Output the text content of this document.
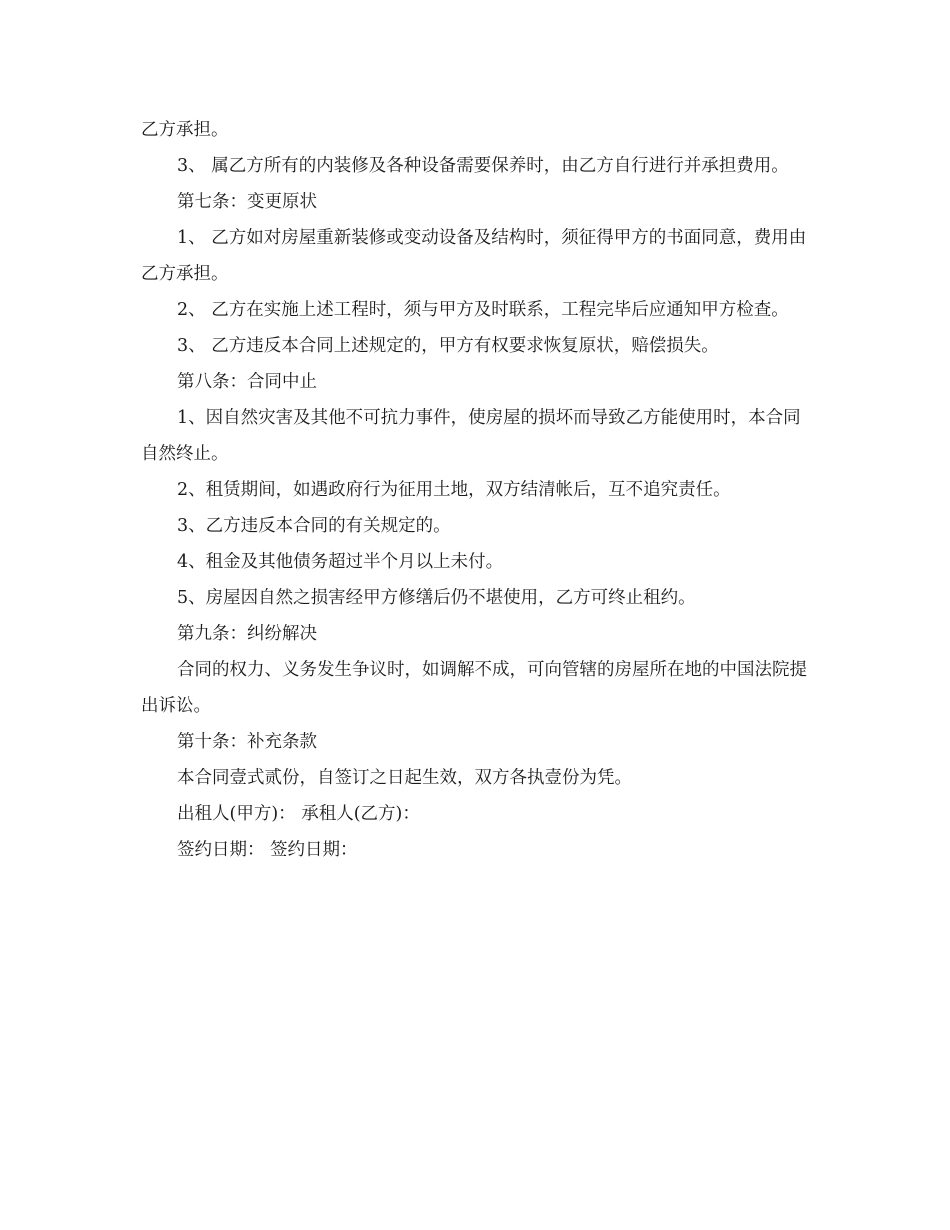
乙方承担。

3、 属乙方所有的内装修及各种设备需要保养时，由乙方自行进行并承担费用。

第七条：变更原状

1、 乙方如对房屋重新装修或变动设备及结构时，须征得甲方的书面同意，费用由乙方承担。

2、 乙方在实施上述工程时，须与甲方及时联系，工程完毕后应通知甲方检查。

3、 乙方违反本合同上述规定的，甲方有权要求恢复原状，赔偿损失。

第八条：合同中止

1、因自然灾害及其他不可抗力事件，使房屋的损坏而导致乙方能使用时，本合同自然终止。

2、租赁期间，如遇政府行为征用土地，双方结清帐后，互不追究责任。

3、乙方违反本合同的有关规定的。

4、租金及其他债务超过半个月以上未付。

5、房屋因自然之损害经甲方修缮后仍不堪使用，乙方可终止租约。

第九条：纠纷解决

合同的权力、义务发生争议时，如调解不成，可向管辖的房屋所在地的中国法院提出诉讼。

第十条：补充条款

本合同壹式贰份，自签订之日起生效，双方各执壹份为凭。

出租人(甲方)： 承租人(乙方)：

签约日期： 签约日期：
